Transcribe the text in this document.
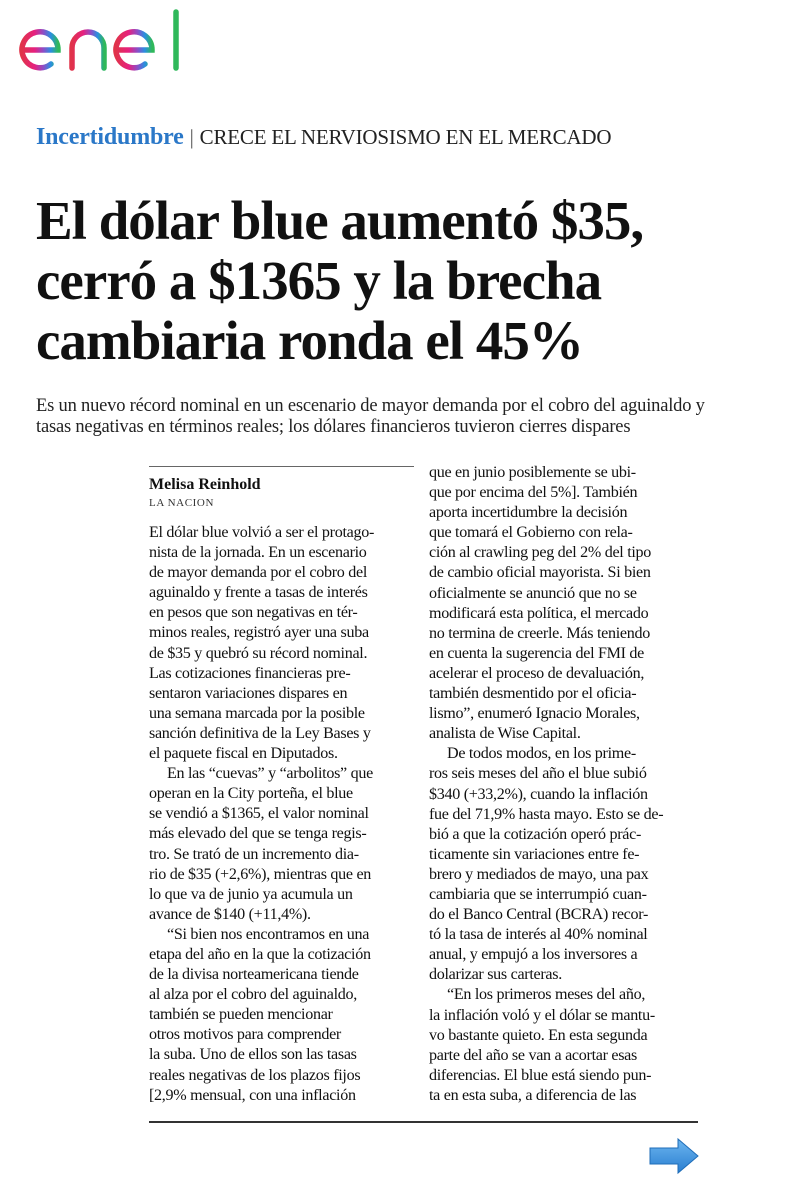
Incertidumbre | CRECE EL NERVIOSISMO EN EL MERCADO
El dólar blue aumentó $35,
cerró a $1365 y la brecha
cambiaria ronda el 45%
Es un nuevo récord nominal en un escenario de mayor demanda por el cobro del aguinaldo y
tasas negativas en términos reales; los dólares financieros tuvieron cierres dispares
Melisa Reinhold
LA NACION
El dólar blue volvió a ser el protago-
nista de la jornada. En un escenario
de mayor demanda por el cobro del
aguinaldo y frente a tasas de interés
en pesos que son negativas en tér-
minos reales, registró ayer una suba
de $35 y quebró su récord nominal.
Las cotizaciones financieras pre-
sentaron variaciones dispares en
una semana marcada por la posible
sanción definitiva de la Ley Bases y
el paquete fiscal en Diputados.
En las “cuevas” y “arbolitos” que
operan en la City porteña, el blue
se vendió a $1365, el valor nominal
más elevado del que se tenga regis-
tro. Se trató de un incremento dia-
rio de $35 (+2,6%), mientras que en
lo que va de junio ya acumula un
avance de $140 (+11,4%).
“Si bien nos encontramos en una
etapa del año en la que la cotización
de la divisa norteamericana tiende
al alza por el cobro del aguinaldo,
también se pueden mencionar
otros motivos para comprender
la suba. Uno de ellos son las tasas
reales negativas de los plazos fijos
[2,9% mensual, con una inflación
que en junio posiblemente se ubi-
que por encima del 5%]. También
aporta incertidumbre la decisión
que tomará el Gobierno con rela-
ción al crawling peg del 2% del tipo
de cambio oficial mayorista. Si bien
oficialmente se anunció que no se
modificará esta política, el mercado
no termina de creerle. Más teniendo
en cuenta la sugerencia del FMI de
acelerar el proceso de devaluación,
también desmentido por el oficia-
lismo”, enumeró Ignacio Morales,
analista de Wise Capital.
De todos modos, en los prime-
ros seis meses del año el blue subió
$340 (+33,2%), cuando la inflación
fue del 71,9% hasta mayo. Esto se de-
bió a que la cotización operó prác-
ticamente sin variaciones entre fe-
brero y mediados de mayo, una pax
cambiaria que se interrumpió cuan-
do el Banco Central (BCRA) recor-
tó la tasa de interés al 40% nominal
anual, y empujó a los inversores a
dolarizar sus carteras.
“En los primeros meses del año,
la inflación voló y el dólar se mantu-
vo bastante quieto. En esta segunda
parte del año se van a acortar esas
diferencias. El blue está siendo pun-
ta en esta suba, a diferencia de las
